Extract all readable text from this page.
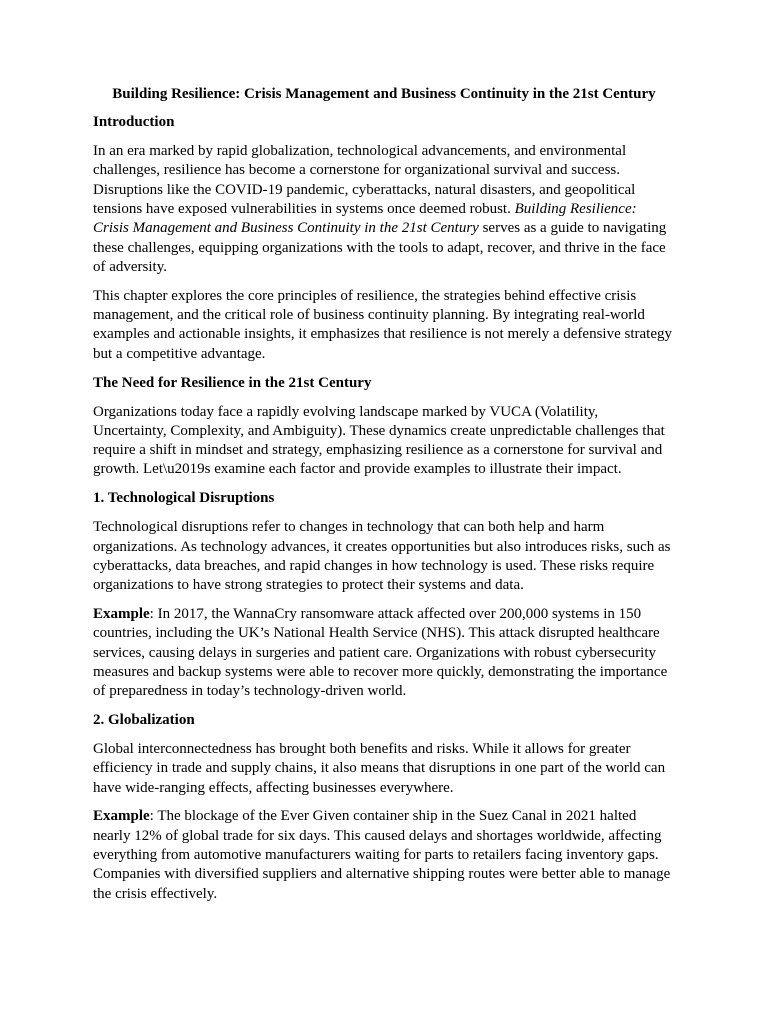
Building Resilience: Crisis Management and Business Continuity in the 21st Century
Introduction

In an era marked by rapid globalization, technological advancements, and environmental challenges, resilience has become a cornerstone for organizational survival and success. Disruptions like the COVID-19 pandemic, cyberattacks, natural disasters, and geopolitical tensions have exposed vulnerabilities in systems once deemed robust. Building Resilience: Crisis Management and Business Continuity in the 21st Century serves as a guide to navigating these challenges, equipping organizations with the tools to adapt, recover, and thrive in the face of adversity.

This chapter explores the core principles of resilience, the strategies behind effective crisis management, and the critical role of business continuity planning. By integrating real-world examples and actionable insights, it emphasizes that resilience is not merely a defensive strategy but a competitive advantage.

The Need for Resilience in the 21st Century

Organizations today face a rapidly evolving landscape marked by VUCA (Volatility, Uncertainty, Complexity, and Ambiguity). These dynamics create unpredictable challenges that require a shift in mindset and strategy, emphasizing resilience as a cornerstone for survival and growth. Let\u2019s examine each factor and provide examples to illustrate their impact.

1. Technological Disruptions

Technological disruptions refer to changes in technology that can both help and harm organizations. As technology advances, it creates opportunities but also introduces risks, such as cyberattacks, data breaches, and rapid changes in how technology is used. These risks require organizations to have strong strategies to protect their systems and data.

Example: In 2017, the WannaCry ransomware attack affected over 200,000 systems in 150 countries, including the UK’s National Health Service (NHS). This attack disrupted healthcare services, causing delays in surgeries and patient care. Organizations with robust cybersecurity measures and backup systems were able to recover more quickly, demonstrating the importance of preparedness in today’s technology-driven world.

2. Globalization

Global interconnectedness has brought both benefits and risks. While it allows for greater efficiency in trade and supply chains, it also means that disruptions in one part of the world can have wide-ranging effects, affecting businesses everywhere.

Example: The blockage of the Ever Given container ship in the Suez Canal in 2021 halted nearly 12% of global trade for six days. This caused delays and shortages worldwide, affecting everything from automotive manufacturers waiting for parts to retailers facing inventory gaps. Companies with diversified suppliers and alternative shipping routes were better able to manage the crisis effectively.
